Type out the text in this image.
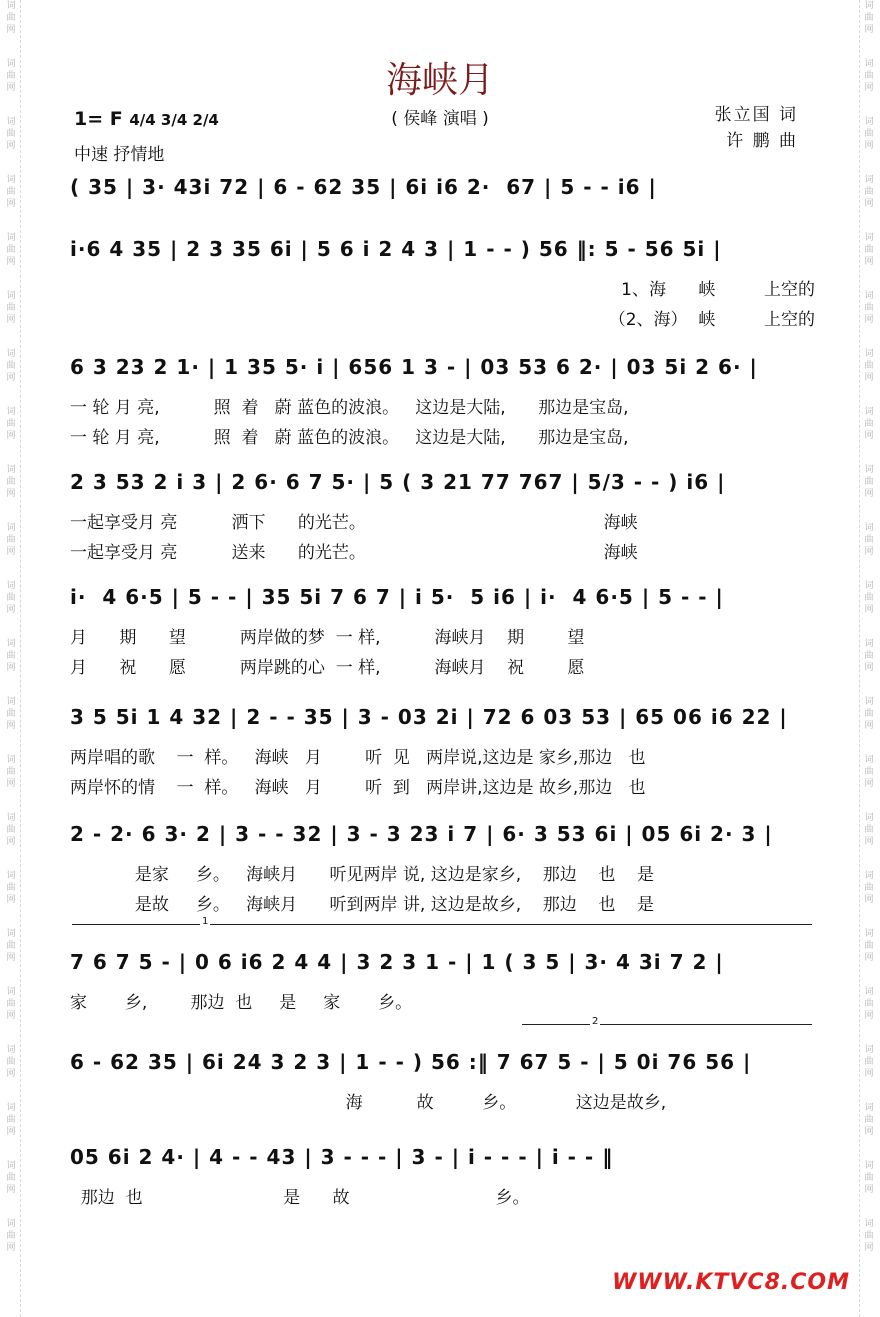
词
曲
网
词
曲
网
词
曲
网
词
曲
网
词
曲
网
词
曲
网
词
曲
网
词
曲
网
词
曲
网
词
曲
网
词
曲
网
词
曲
网
词
曲
网
词
曲
网
词
曲
网
词
曲
网
词
曲
网
词
曲
网
词
曲
网
词
曲
网
词
曲
网
词
曲
网
词
曲
网
词
曲
网
词
曲
网
词
曲
网
词
曲
网
词
曲
网
词
曲
网
词
曲
网
词
曲
网
词
曲
网
词
曲
网
词
曲
网
词
曲
网
词
曲
网
词
曲
网
词
曲
网
词
曲
网
词
曲
网
词
曲
网
词
曲
网
词
曲
网
词
曲
网
海峡月
( 侯峰 演唱 )
1= F 4/4 3/4 2/4
中速 抒情地
张立国 词
许 鹏 曲
( 35 | 3· 43i 72 | 6 - 62 35 | 6i i6 2·  67 | 5 - - i6 |
i·6 4 35 | 2 3 35 6i | 5 6 i 2 4 3 | 1 - - ) 56 ‖: 5 - 56 5i |
1、海      峡         上空的
（2、海）  峡         上空的
6 3 23 2 1· | 1 35 5· i | 656 1 3 - | 03 53 6 2· | 03 5i 2 6· |
一 轮 月 亮,          照  着   蔚 蓝色的波浪。   这边是大陆,      那边是宝岛,
一 轮 月 亮,          照  着   蔚 蓝色的波浪。   这边是大陆,      那边是宝岛,
2 3 53 2 i 3 | 2 6· 6 7 5· | 5 ( 3 21 77 767 | 5/3 - - ) i6 |
一起享受月 亮          洒下      的光芒。                                            海峡
一起享受月 亮          送来      的光芒。                                            海峡
i·  4 6·5 | 5 - - | 35 5i 7 6 7 | i 5·  5 i6 | i·  4 6·5 | 5 - - |
月      期      望          两岸做的梦  一 样,          海峡月    期        望
月      祝      愿          两岸跳的心  一 样,          海峡月    祝        愿
3 5 5i 1 4 32 | 2 - - 35 | 3 - 03 2i | 72 6 03 53 | 65 06 i6 22 |
两岸唱的歌    一  样。   海峡   月        听  见   两岸说,这边是 家乡,那边   也
两岸怀的情    一  样。   海峡   月        听  到   两岸讲,这边是 故乡,那边   也
2 - 2· 6 3· 2 | 3 - - 32 | 3 - 3 23 i 7 | 6· 3 53 6i | 05 6i 2· 3 |
是家     乡。   海峡月      听见两岸 说, 这边是家乡,    那边    也    是
是故     乡。   海峡月      听到两岸 讲, 这边是故乡,    那边    也    是
7 6 7 5 - | 0 6 i6 2 4 4 | 3 2 3 1 - | 1 ( 3 5 | 3· 4 3i 7 2 |
家       乡,        那边  也     是     家       乡。
6 - 62 35 | 6i 24 3 2 3 | 1 - - ) 56 :‖ 7 67 5 - | 5 0i 76 56 |
海          故         乡。           这边是故乡,
05 6i 2 4· | 4 - - 43 | 3 - - - | 3 - | i - - - | i - - ‖
那边  也                          是      故                           乡。
1
2
WWW.KTVC8.COM
